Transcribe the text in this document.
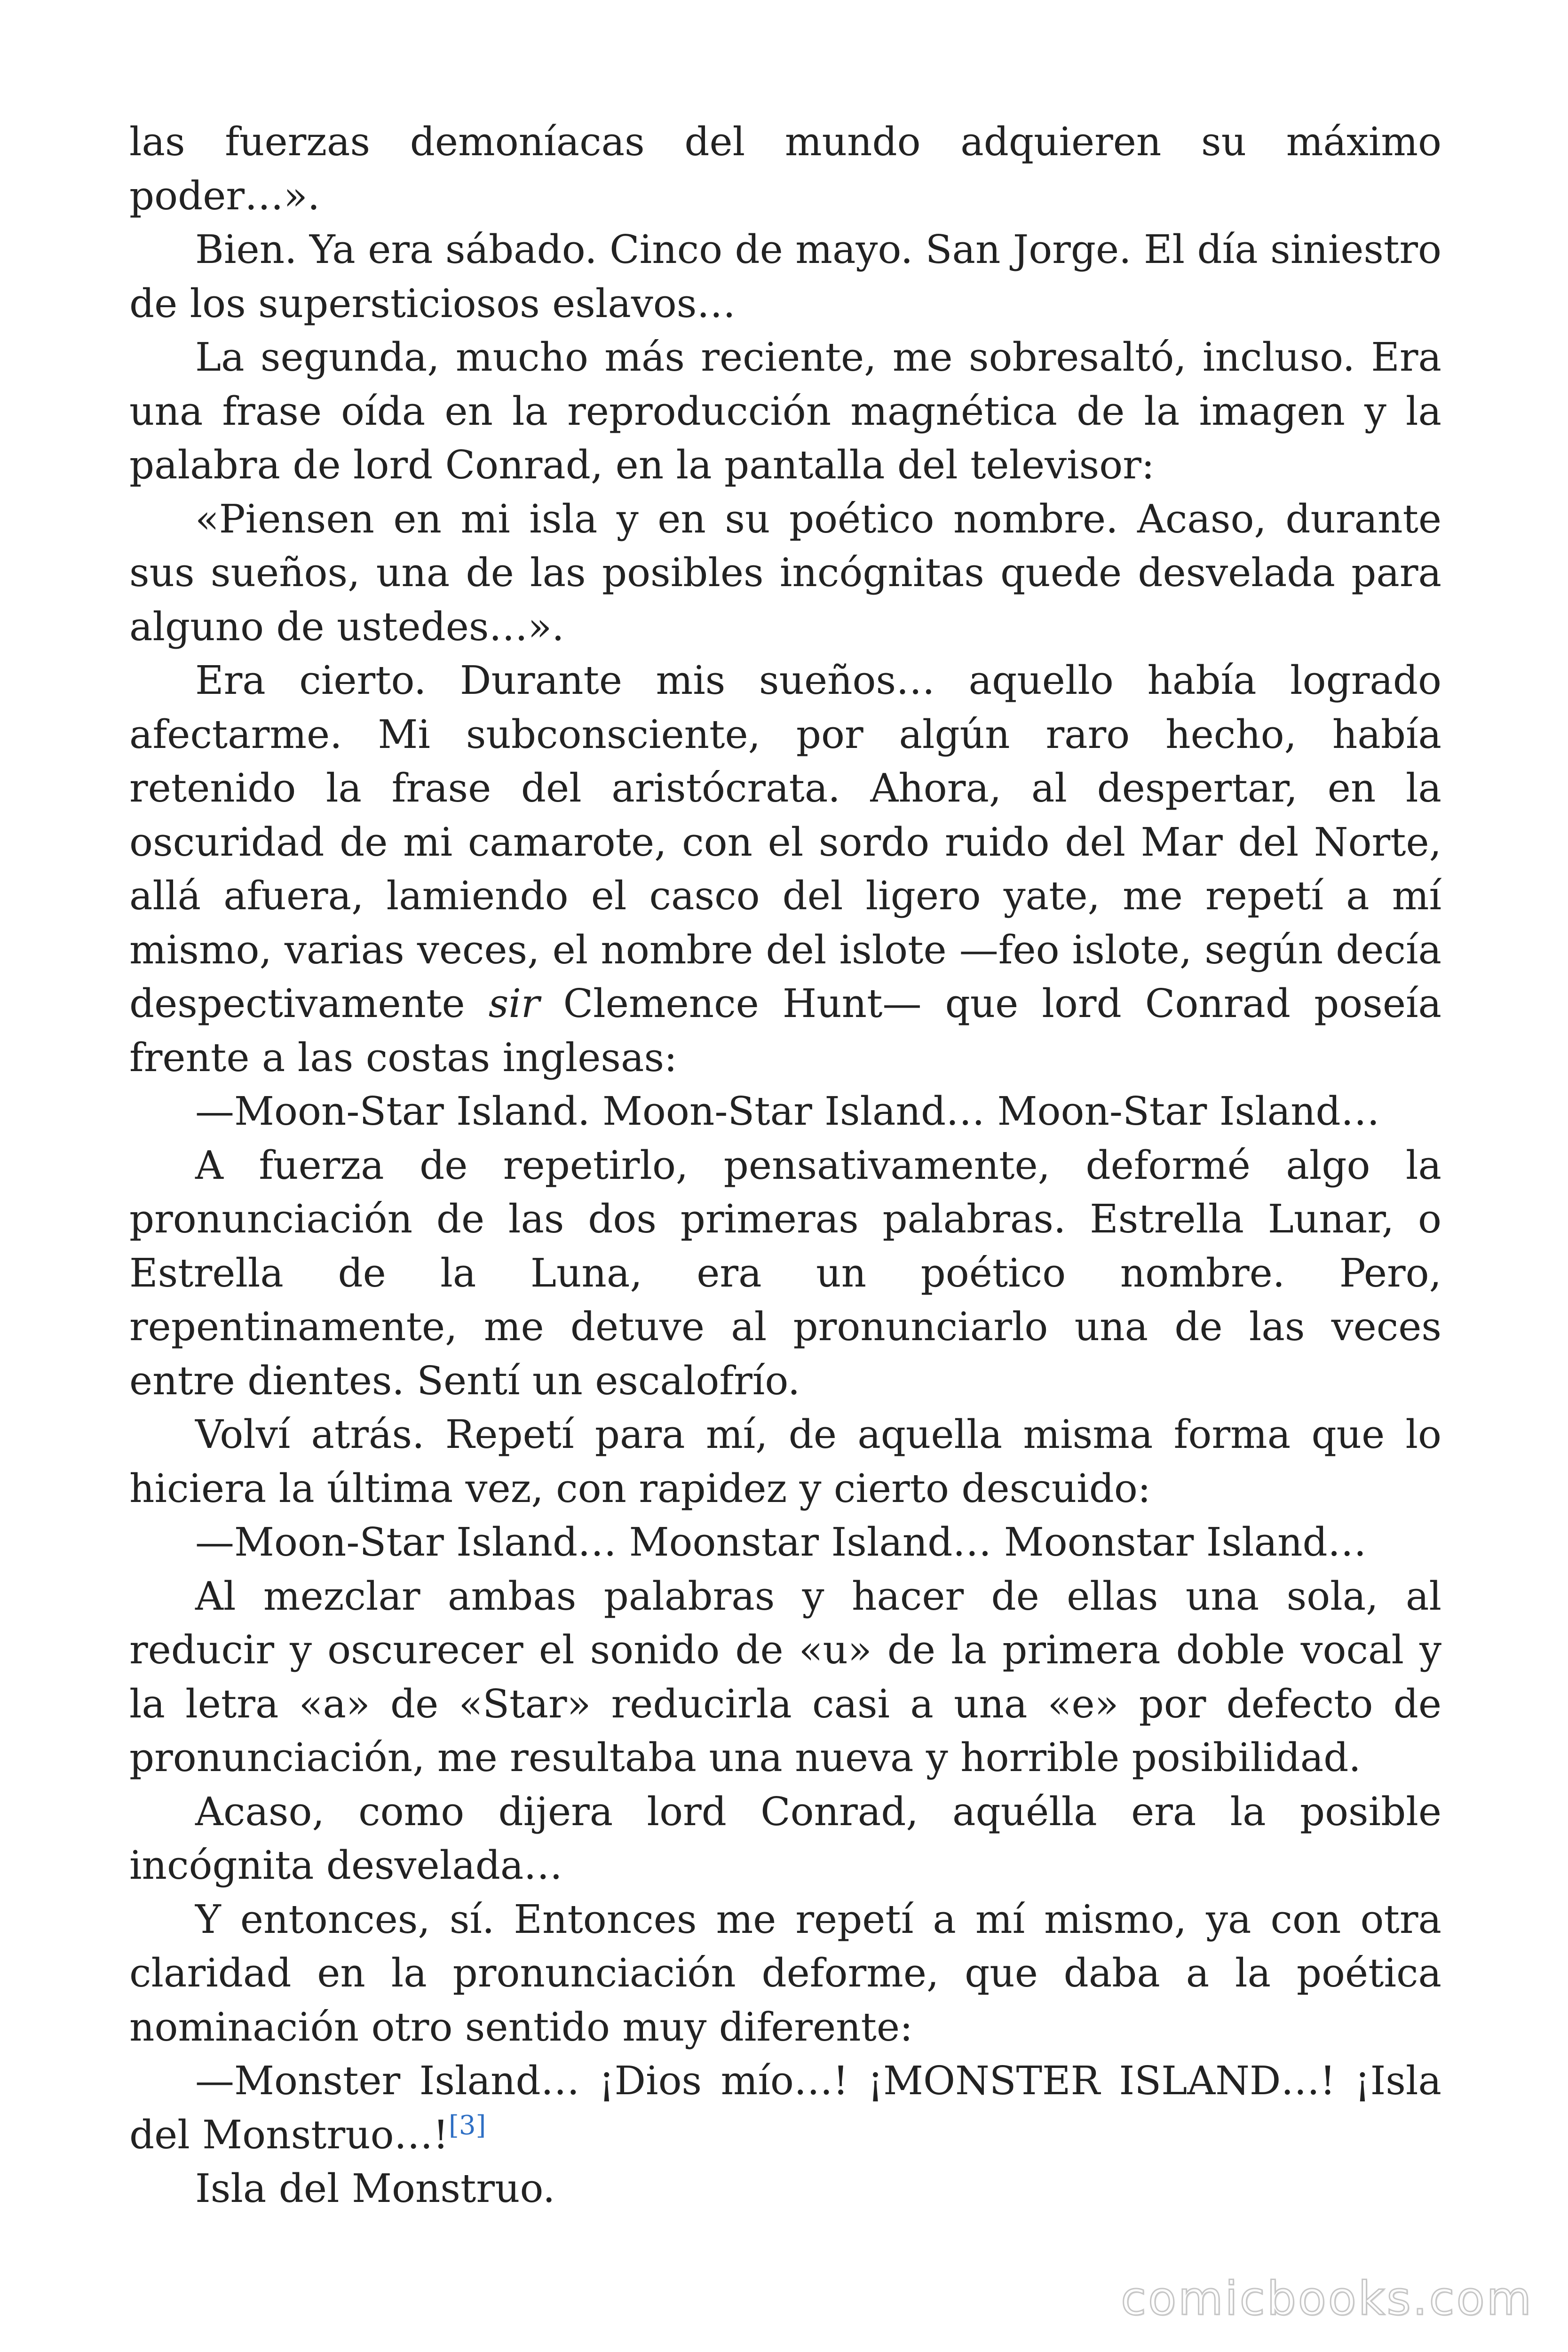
las fuerzas demoníacas del mundo adquieren su máximo poder…».

Bien. Ya era sábado. Cinco de mayo. San Jorge. El día siniestro de los supersticiosos eslavos…

La segunda, mucho más reciente, me sobresaltó, incluso. Era una frase oída en la reproducción magnética de la imagen y la palabra de lord Conrad, en la pantalla del televisor:

«Piensen en mi isla y en su poético nombre. Acaso, durante sus sueños, una de las posibles incógnitas quede desvelada para alguno de ustedes…».

Era cierto. Durante mis sueños… aquello había logrado afectarme. Mi subconsciente, por algún raro hecho, había retenido la frase del aristócrata. Ahora, al despertar, en la oscuridad de mi camarote, con el sordo ruido del Mar del Norte, allá afuera, lamiendo el casco del ligero yate, me repetí a mí mismo, varias veces, el nombre del islote —feo islote, según decía despectivamente sir Clemence Hunt— que lord Conrad poseía frente a las costas inglesas:

—Moon-Star Island. Moon-Star Island… Moon-Star Island…

A fuerza de repetirlo, pensativamente, deformé algo la pronunciación de las dos primeras palabras. Estrella Lunar, o Estrella de la Luna, era un poético nombre. Pero, repentinamente, me detuve al pronunciarlo una de las veces entre dientes. Sentí un escalofrío.

Volví atrás. Repetí para mí, de aquella misma forma que lo hiciera la última vez, con rapidez y cierto descuido:

—Moon-Star Island… Moonstar Island… Moonstar Island…

Al mezclar ambas palabras y hacer de ellas una sola, al reducir y oscurecer el sonido de «u» de la primera doble vocal y la letra «a» de «Star» reducirla casi a una «e» por defecto de pronunciación, me resultaba una nueva y horrible posibilidad.

Acaso, como dijera lord Conrad, aquélla era la posible incógnita desvelada…

Y entonces, sí. Entonces me repetí a mí mismo, ya con otra claridad en la pronunciación deforme, que daba a la poética nominación otro sentido muy diferente:

—Monster Island… ¡Dios mío…! ¡MONSTER ISLAND…! ¡Isla del Monstruo…![3]

Isla del Monstruo.

comicbooks.com
